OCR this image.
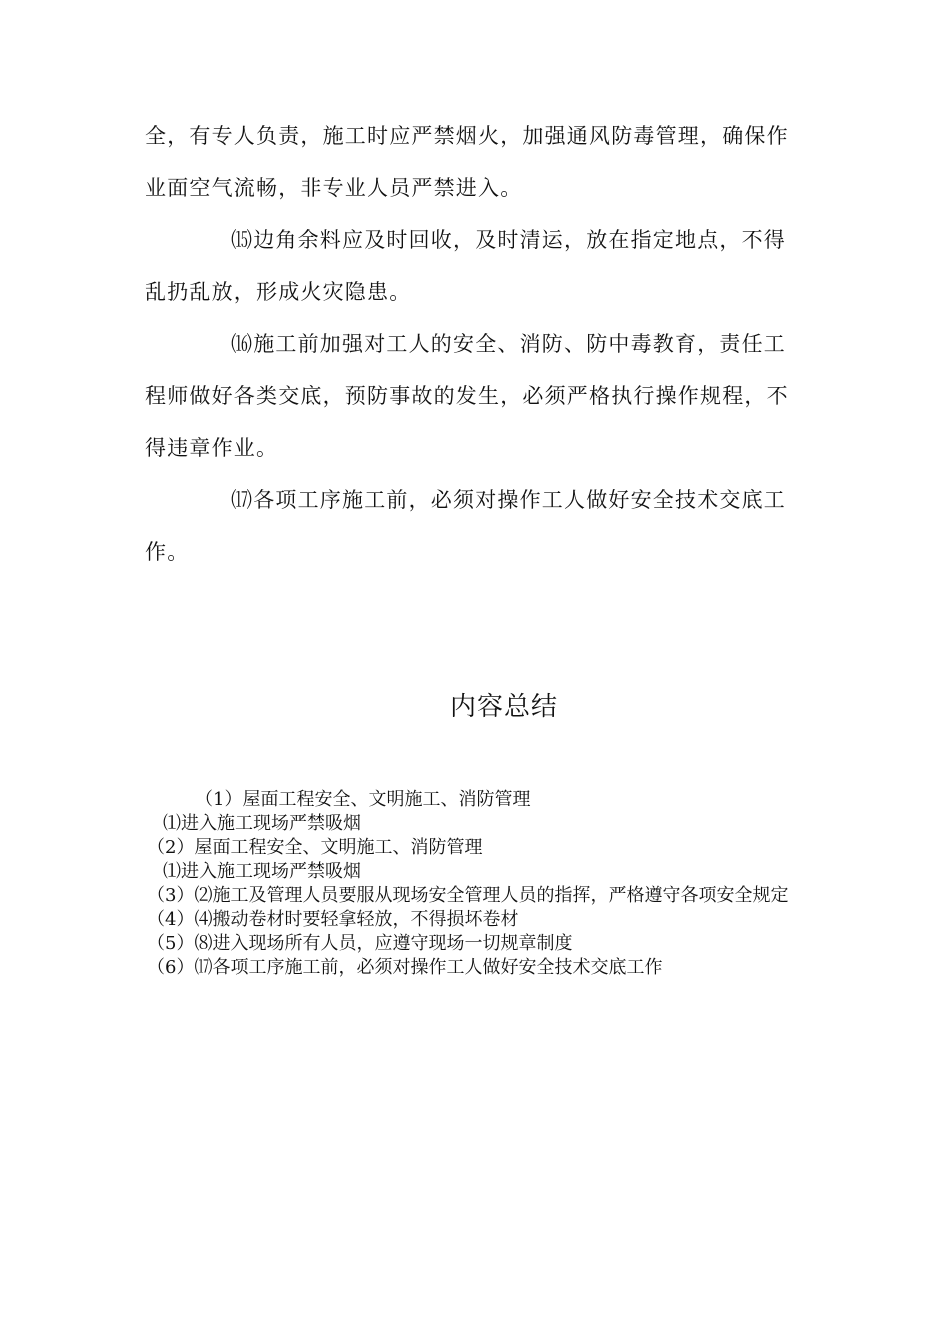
全，有专人负责，施工时应严禁烟火，加强通风防毒管理，确保作业面空气流畅，非专业人员严禁进入。

⒂边角余料应及时回收，及时清运，放在指定地点，不得乱扔乱放，形成火灾隐患。

⒃施工前加强对工人的安全、消防、防中毒教育，责任工程师做好各类交底，预防事故的发生，必须严格执行操作规程，不得违章作业。

⒄各项工序施工前，必须对操作工人做好安全技术交底工作。

内容总结

（1）屋面工程安全、文明施工、消防管理

⑴进入施工现场严禁吸烟

（2）屋面工程安全、文明施工、消防管理

⑴进入施工现场严禁吸烟

（3）⑵施工及管理人员要服从现场安全管理人员的指挥，严格遵守各项安全规定

（4）⑷搬动卷材时要轻拿轻放，不得损坏卷材

（5）⑻进入现场所有人员，应遵守现场一切规章制度

（6）⒄各项工序施工前，必须对操作工人做好安全技术交底工作
